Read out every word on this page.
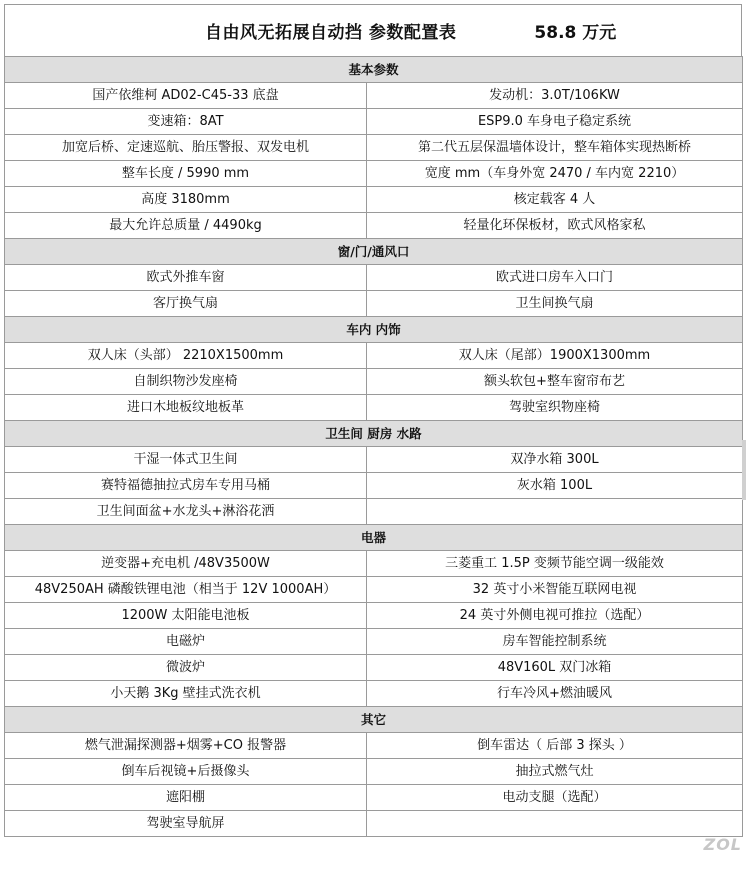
自由风无拓展自动挡 参数配置表	58.8 万元
基本参数	
国产依维柯 AD02-C45-33 底盘	发动机：3.0T/106KW
变速箱：8AT	ESP9.0 车身电子稳定系统
加宽后桥、定速巡航、胎压警报、双发电机	第二代五层保温墙体设计，整车箱体实现热断桥
整车长度 / 5990 mm	宽度 mm（车身外宽 2470 / 车内宽 2210）
高度 3180mm	核定载客 4 人
最大允许总质量 / 4490kg	轻量化环保板材，欧式风格家私
窗/门/通风口	
欧式外推车窗	欧式进口房车入口门
客厅换气扇	卫生间换气扇
车内 内饰	
双人床（头部） 2210X1500mm	双人床（尾部）1900X1300mm
自制织物沙发座椅	额头软包+整车窗帘布艺
进口木地板纹地板革	驾驶室织物座椅
卫生间 厨房 水路	
干湿一体式卫生间	双净水箱 300L
赛特福德抽拉式房车专用马桶	灰水箱 100L
卫生间面盆+水龙头+淋浴花洒	
电器	
逆变器+充电机 /48V3500W	三菱重工 1.5P 变频节能空调一级能效
48V250AH 磷酸铁锂电池（相当于 12V 1000AH）	32 英寸小米智能互联网电视
1200W 太阳能电池板	24 英寸外侧电视可推拉（选配）
电磁炉	房车智能控制系统
微波炉	48V160L 双门冰箱
小天鹅 3Kg 壁挂式洗衣机	行车冷风+燃油暖风
其它	
燃气泄漏探测器+烟雾+CO 报警器	倒车雷达（ 后部 3 探头 ）
倒车后视镜+后摄像头	抽拉式燃气灶
遮阳棚	电动支腿（选配）
驾驶室导航屏	
ZOL
